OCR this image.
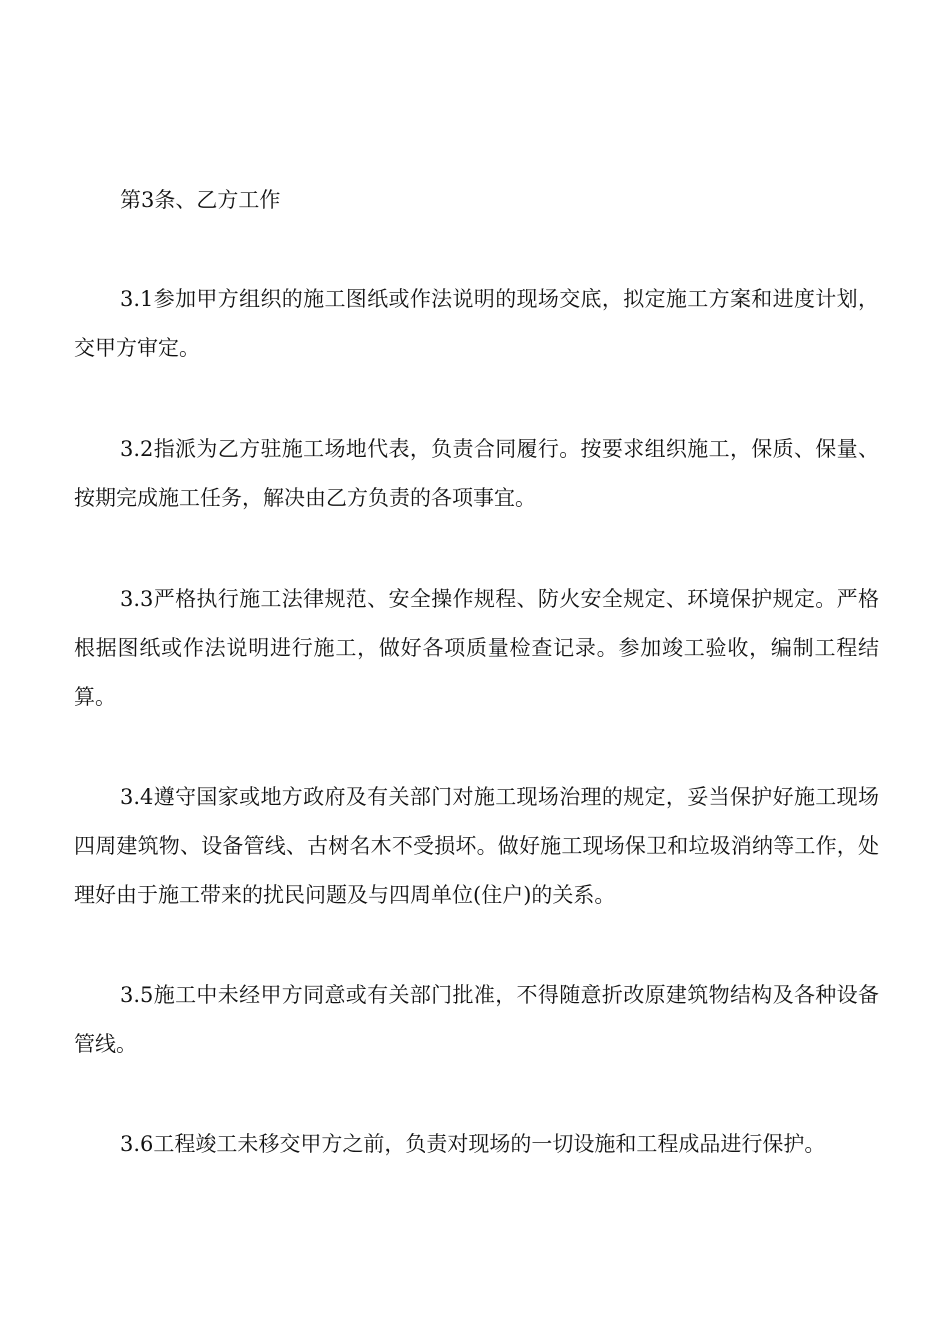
第3条、乙方工作

3.1参加甲方组织的施工图纸或作法说明的现场交底，拟定施工方案和进度计划，交甲方审定。

3.2指派为乙方驻施工场地代表，负责合同履行。按要求组织施工，保质、保量、按期完成施工任务，解决由乙方负责的各项事宜。

3.3严格执行施工法律规范、安全操作规程、防火安全规定、环境保护规定。严格根据图纸或作法说明进行施工，做好各项质量检查记录。参加竣工验收，编制工程结算。

3.4遵守国家或地方政府及有关部门对施工现场治理的规定，妥当保护好施工现场四周建筑物、设备管线、古树名木不受损坏。做好施工现场保卫和垃圾消纳等工作，处理好由于施工带来的扰民问题及与四周单位(住户)的关系。

3.5施工中未经甲方同意或有关部门批准，不得随意折改原建筑物结构及各种设备管线。

3.6工程竣工未移交甲方之前，负责对现场的一切设施和工程成品进行保护。
